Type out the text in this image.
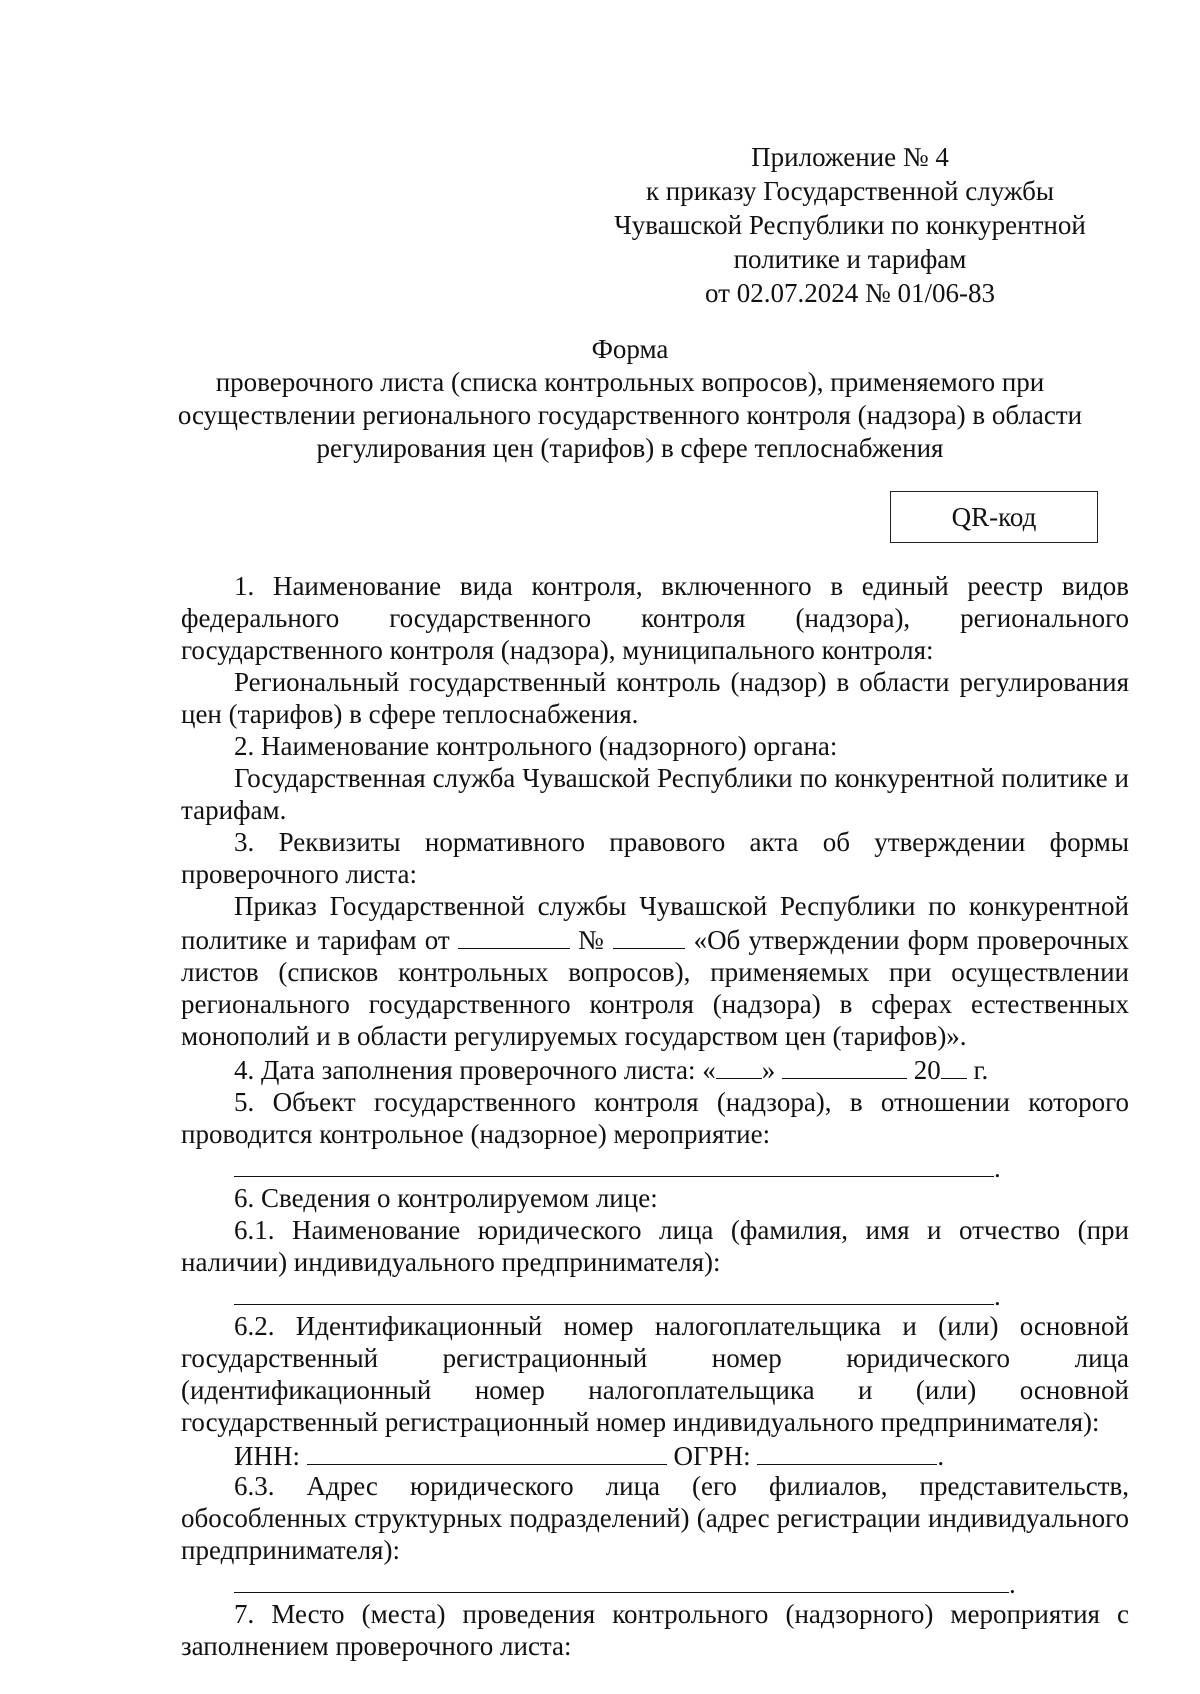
Приложение № 4
к приказу Государственной службы
Чувашской Республики по конкурентной
политике и тарифам
от 02.07.2024 № 01/06-83
Форма
проверочного листа (списка контрольных вопросов), применяемого при
осуществлении регионального государственного контроля (надзора) в области
регулирования цен (тарифов) в сфере теплоснабжения
QR-код

1. Наименование вида контроля, включенного в единый реестр видов федерального государственного контроля (надзора), регионального государственного контроля (надзора), муниципального контроля:

Региональный государственный контроль (надзор) в области регулирования цен (тарифов) в сфере теплоснабжения.

2. Наименование контрольного (надзорного) органа:

Государственная служба Чувашской Республики по конкурентной политике и тарифам.

3. Реквизиты нормативного правового акта об утверждении формы проверочного листа:

Приказ Государственной службы Чувашской Республики по конкурентной политике и тарифам от	№	«Об утверждении форм проверочных листов (списков контрольных вопросов), применяемых при осуществлении регионального государственного контроля (надзора) в сферах естественных монополий и в области регулируемых государством цен (тарифов)».

4. Дата заполнения проверочного листа: « »	20 г.

5. Объект государственного контроля (надзора), в отношении которого проводится контрольное (надзорное) мероприятие:

.

6. Сведения о контролируемом лице:

6.1. Наименование юридического лица (фамилия, имя и отчество (при наличии) индивидуального предпринимателя):

.

6.2. Идентификационный номер налогоплательщика и (или) основной государственный регистрационный номер юридического лица (идентификационный номер налогоплательщика и (или) основной государственный регистрационный номер индивидуального предпринимателя):

ИНН:	ОГРН:	.

6.3. Адрес юридического лица (его филиалов, представительств, обособленных структурных подразделений) (адрес регистрации индивидуального предпринимателя):

.

7. Место (места) проведения контрольного (надзорного) мероприятия с заполнением проверочного листа:
